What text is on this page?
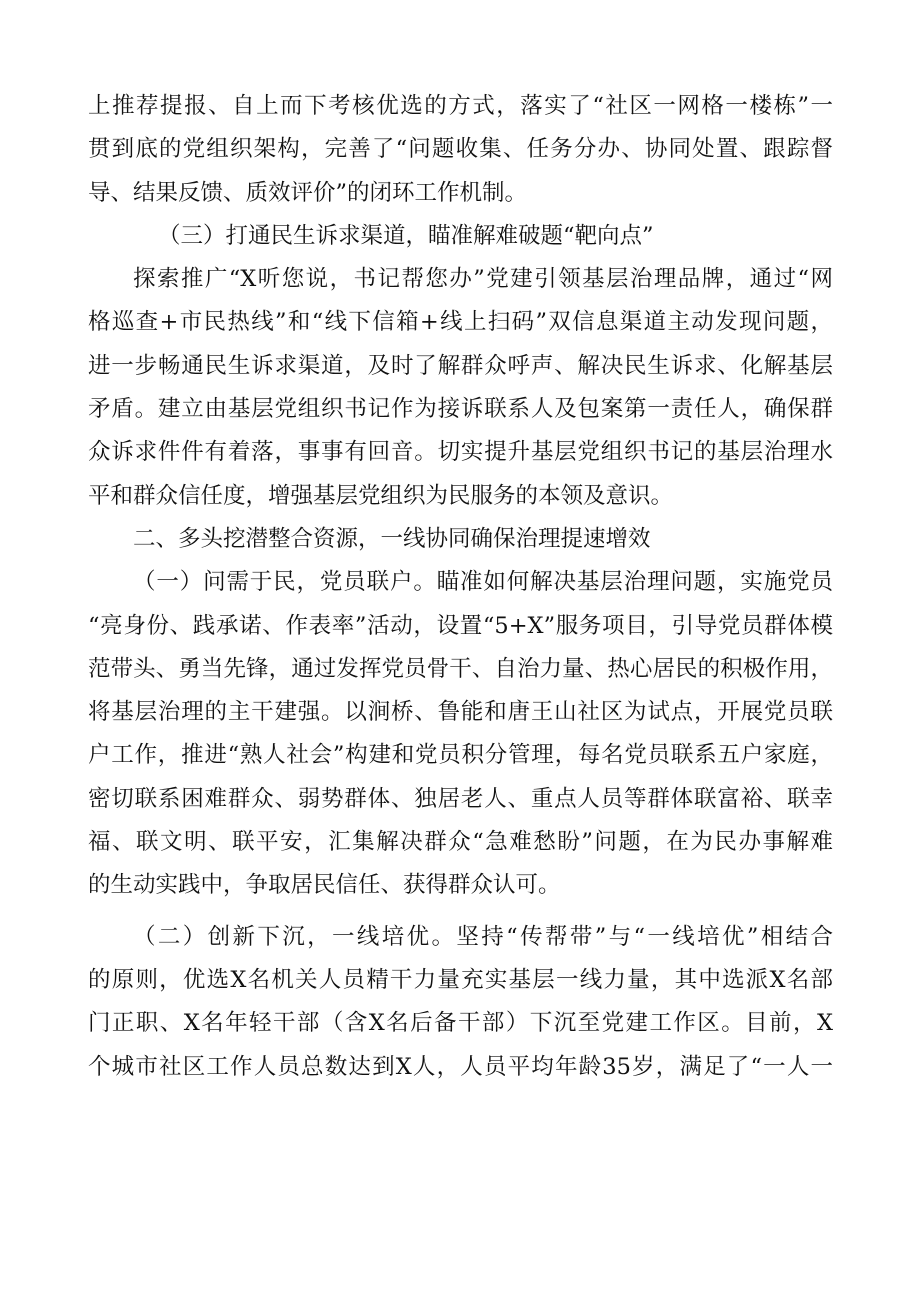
上推荐提报、自上而下考核优选的方式，落实了“社区一网格一楼栋”一
贯到底的党组织架构，完善了“问题收集、任务分办、协同处置、跟踪督
导、结果反馈、质效评价”的闭环工作机制。
（三）打通民生诉求渠道，瞄准解难破题“靶向点”
探索推广“X听您说，书记帮您办”党建引领基层治理品牌，通过“网
格巡查+市民热线”和“线下信箱+线上扫码”双信息渠道主动发现问题，
进一步畅通民生诉求渠道，及时了解群众呼声、解决民生诉求、化解基层
矛盾。建立由基层党组织书记作为接诉联系人及包案第一责任人，确保群
众诉求件件有着落，事事有回音。切实提升基层党组织书记的基层治理水
平和群众信任度，增强基层党组织为民服务的本领及意识。
二、多头挖潜整合资源，一线协同确保治理提速增效
（一）问需于民，党员联户。瞄准如何解决基层治理问题，实施党员
“亮身份、践承诺、作表率”活动，设置“5+X”服务项目，引导党员群体模
范带头、勇当先锋，通过发挥党员骨干、自治力量、热心居民的积极作用，
将基层治理的主干建强。以涧桥、鲁能和唐王山社区为试点，开展党员联
户工作，推进“熟人社会”构建和党员积分管理，每名党员联系五户家庭，
密切联系困难群众、弱势群体、独居老人、重点人员等群体联富裕、联幸
福、联文明、联平安，汇集解决群众“急难愁盼”问题，在为民办事解难
的生动实践中，争取居民信任、获得群众认可。
（二）创新下沉，一线培优。坚持“传帮带”与“一线培优”相结合
的原则，优选X名机关人员精干力量充实基层一线力量，其中选派X名部
门正职、X名年轻干部（含X名后备干部）下沉至党建工作区。目前，X
个城市社区工作人员总数达到X人，人员平均年龄35岁，满足了“一人一
